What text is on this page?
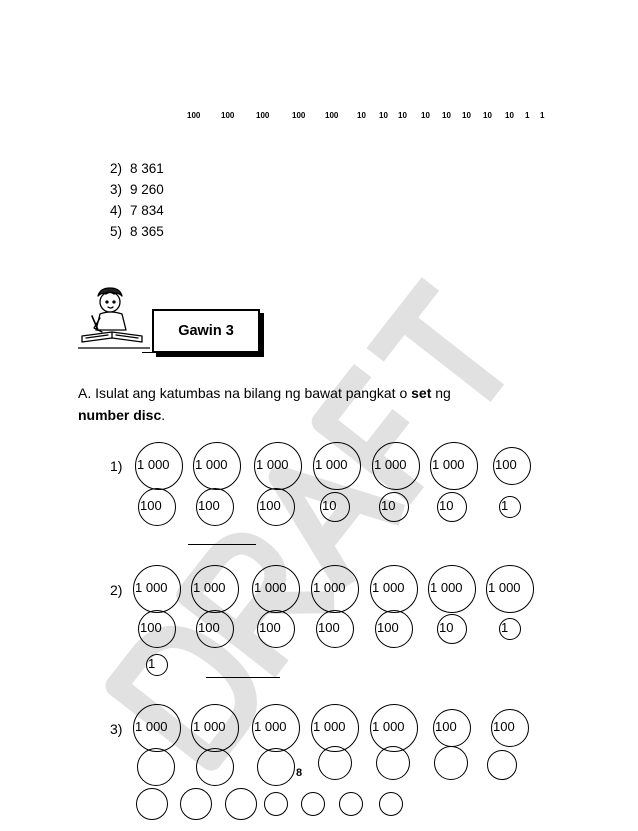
100	100	100	100 100 10 10 10 10 10 10 10 10 1 1
2) 8 361
3) 9 260
4) 7 834
5) 8 365
Gawin 3
A. Isulat ang katumbas na bilang ng bawat pangkat o set ng
number disc.
1)
2)
3)
1 000 1 000 1 000 1 000 1 000 1 000 100
100	100	100	10	10	10	1
1 000 1 000 1 000 1 000 1 000 1 000 1 000
100	100	100	100	100	10	1
1
1 000 1 000 1 000 1 000 1 000 100	100
8
